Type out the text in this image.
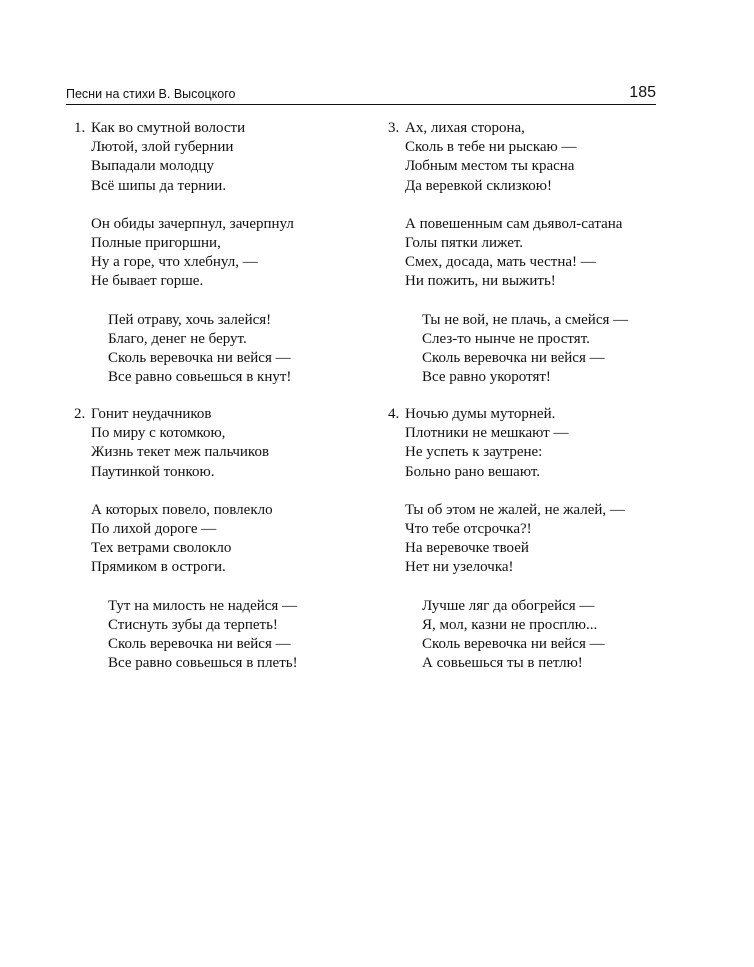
Песни на стихи В. Высоцкого	185
1. Как во смутной волости
Лютой, злой губернии
Выпадали молодцу
Всё шипы да тернии.
Он обиды зачерпнул, зачерпнул
Полные пригоршни,
Ну а горе, что хлебнул, —
Не бывает горше.
Пей отраву, хочь залейся!
Благо, денег не берут.
Сколь веревочка ни вейся —
Все равно совьешься в кнут!
2. Гонит неудачников
По миру с котомкою,
Жизнь текет меж пальчиков
Паутинкой тонкою.
А которых повело, повлекло
По лихой дороге —
Тех ветрами сволокло
Прямиком в остроги.
Тут на милость не надейся —
Стиснуть зубы да терпеть!
Сколь веревочка ни вейся —
Все равно совьешься в плеть!
3. Ах, лихая сторона,
Сколь в тебе ни рыскаю —
Лобным местом ты красна
Да веревкой склизкою!
А повешенным сам дьявол-сатана
Голы пятки лижет.
Смех, досада, мать честна! —
Ни пожить, ни выжить!
Ты не вой, не плачь, а смейся —
Слез-то нынче не простят.
Сколь веревочка ни вейся —
Все равно укоротят!
4. Ночью думы муторней.
Плотники не мешкают —
Не успеть к заутрене:
Больно рано вешают.
Ты об этом не жалей, не жалей, —
Что тебе отсрочка?!
На веревочке твоей
Нет ни узелочка!
Лучше ляг да обогрейся —
Я, мол, казни не просплю...
Сколь веревочка ни вейся —
А совьешься ты в петлю!
